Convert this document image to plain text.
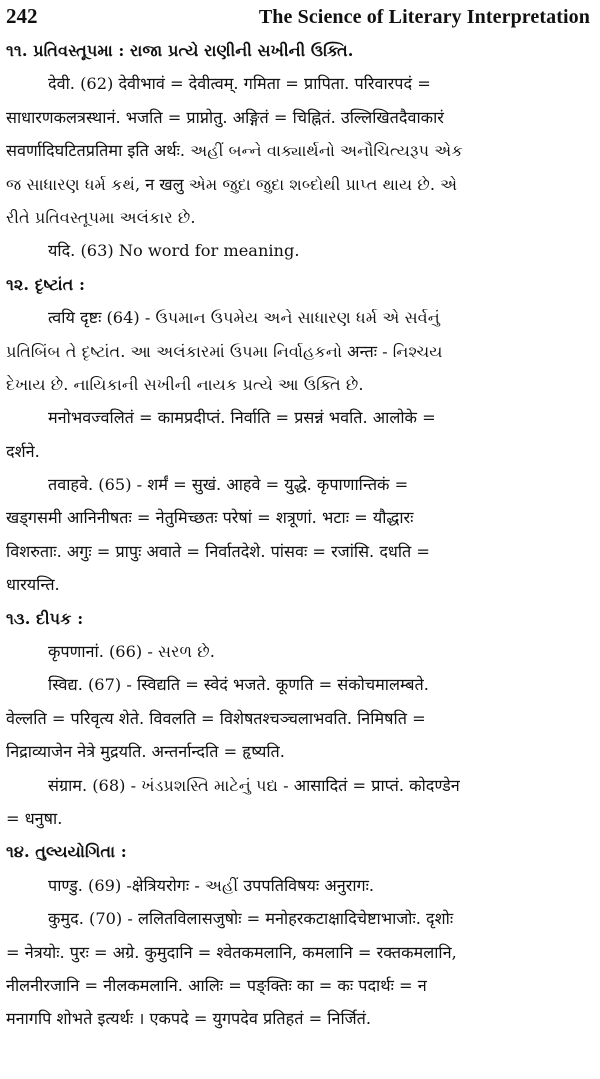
242	The Science of Literary Interpretation
૧૧. પ્રતિવસ્તૂપમા : રાજા પ્રત્યે રાણીની સખીની ઉક્તિ.
देवी. (62) देवीभावं = देवीत्वम्. गमिता = प्रापिता. परिवारपदं =
साधारणकलत्रस्थानं. भजति = प्राप्नोतु. अङ्गितं = चिह्नितं. उल्लिखितदैवाकारं
सवर्णादिघटितप्रतिमा इति अर्थः. અહીં બન્ને વાક્યાર્થનો અનૌચિત્યરૂપ એક
જ સાધારણ ધર્મ કથં, न खलु એમ જુદા જુદા શબ્દોથી પ્રાપ્ત થાય છે. એ
રીતે પ્રતિવસ્તૂપમા અલંકાર છે.
यदि. (63) No word for meaning.
૧૨. દૃષ્ટાંત :
त्वयि दृष्टः (64) - ઉપમાન ઉપમેય અને સાધારણ ધર્મ એ સર્વનું
પ્રતિબિંબ તે દૃષ્ટાંત. આ અલંકારમાં ઉપમા નિર્વાહકનો अन्तः - નિશ્ચય
દેખાય છે. નાયિકાની સખીની નાયક પ્રત્યે આ ઉક્તિ છે.
मनोभवज्वलितं = कामप्रदीप्तं. निर्वाति = प्रसन्नं भवति. आलोके =
दर्शने.
तवाहवे. (65) - शर्मं = सुखं. आहवे = युद्धे. कृपाणान्तिकं =
खड्गसमी आनिनीषतः = नेतुमिच्छतः परेषां = शत्रूणां. भटाः = यौद्धारः
विशरुताः. अगुः = प्रापुः अवाते = निर्वातदेशे. पांसवः = रजांसि. दधति =
धारयन्ति.
૧૩. દીપક :
कृपणानां. (66) - સરળ છે.
स्विद्य. (67) - स्विद्यति = स्वेदं भजते. कूणति = संकोचमालम्बते.
वेल्लति = परिवृत्य शेते. विवलति = विशेषतश्चञ्चलाभवति. निमिषति =
निद्राव्याजेन नेत्रे मुद्रयति. अन्तर्नान्दति = हृष्यति.
संग्राम. (68) - ખંડપ્રશસ્તિ માટેનું પદ્ય - आसादितं = प्राप्तं. कोदण्डेन
= धनुषा.
૧૪. તુલ્યયોગિતા :
पाण्डु. (69) -क्षेत्रियरोगः - અહીં उपपतिविषयः अनुरागः.
कुमुद. (70) - ललितविलासजुषोः = मनोहरकटाक्षादिचेष्टाभाजोः. दृशोः
= नेत्रयोः. पुरः = अग्रे. कुमुदानि = श्वेतकमलानि, कमलानि = रक्तकमलानि,
नीलनीरजानि = नीलकमलानि. आलिः = पङ्क्तिः का = कः पदार्थः = न
मनागपि शोभते इत्यर्थः । एकपदे = युगपदेव प्रतिहतं = निर्जितं.
